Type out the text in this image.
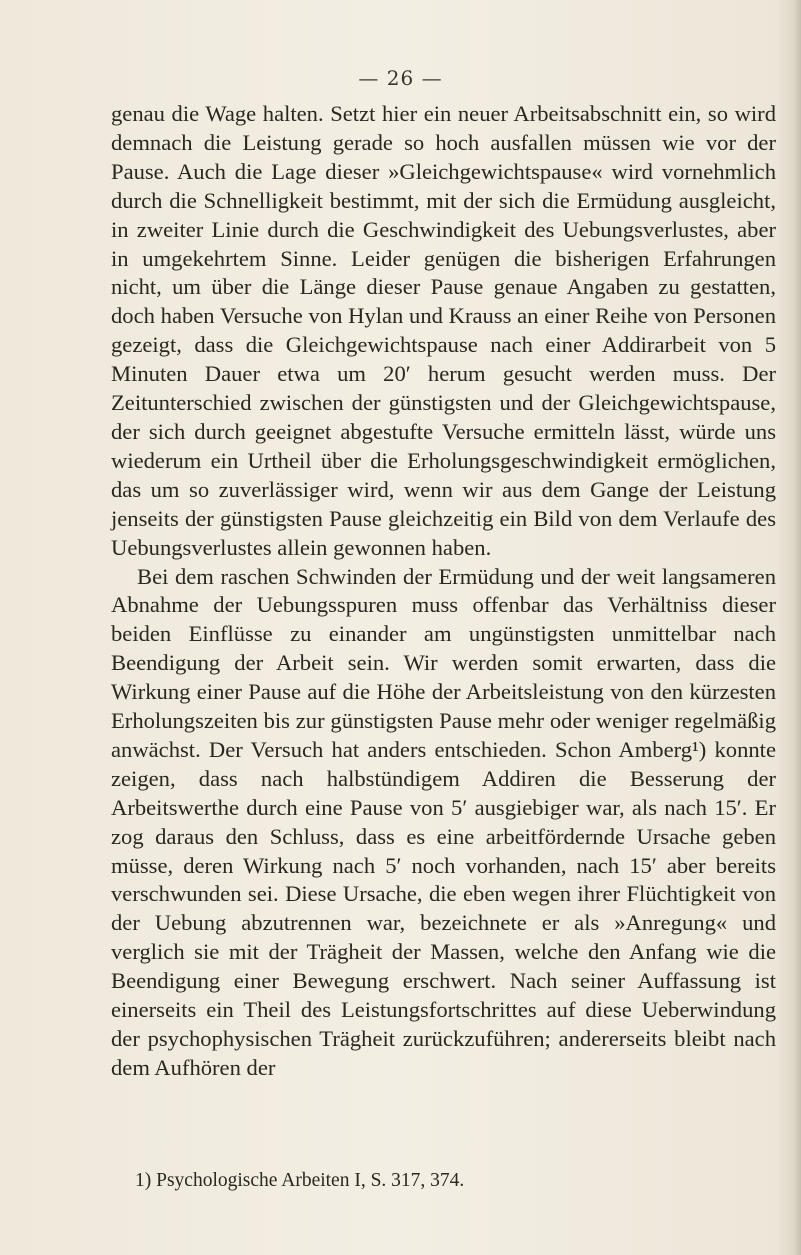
— 26 —

genau die Wage halten. Setzt hier ein neuer Arbeitsabschnitt ein, so wird demnach die Leistung gerade so hoch ausfallen müssen wie vor der Pause. Auch die Lage dieser »Gleichgewichtspause« wird vornehmlich durch die Schnelligkeit bestimmt, mit der sich die Ermüdung ausgleicht, in zweiter Linie durch die Geschwindigkeit des Uebungsverlustes, aber in umgekehrtem Sinne. Leider genügen die bisherigen Erfahrungen nicht, um über die Länge dieser Pause genaue Angaben zu gestatten, doch haben Versuche von Hylan und Krauss an einer Reihe von Personen gezeigt, dass die Gleichgewichtspause nach einer Addirarbeit von 5 Minuten Dauer etwa um 20′ herum gesucht werden muss. Der Zeitunterschied zwischen der günstigsten und der Gleichgewichtspause, der sich durch geeignet abgestufte Versuche ermitteln lässt, würde uns wiederum ein Urtheil über die Erholungsgeschwindigkeit ermöglichen, das um so zuverlässiger wird, wenn wir aus dem Gange der Leistung jenseits der günstigsten Pause gleichzeitig ein Bild von dem Verlaufe des Uebungsverlustes allein gewonnen haben.

Bei dem raschen Schwinden der Ermüdung und der weit langsameren Abnahme der Uebungsspuren muss offenbar das Verhältniss dieser beiden Einflüsse zu einander am ungünstigsten unmittelbar nach Beendigung der Arbeit sein. Wir werden somit erwarten, dass die Wirkung einer Pause auf die Höhe der Arbeitsleistung von den kürzesten Erholungszeiten bis zur günstigsten Pause mehr oder weniger regelmäßig anwächst. Der Versuch hat anders entschieden. Schon Amberg¹) konnte zeigen, dass nach halbstündigem Addiren die Besserung der Arbeitswerthe durch eine Pause von 5′ ausgiebiger war, als nach 15′. Er zog daraus den Schluss, dass es eine arbeitfördernde Ursache geben müsse, deren Wirkung nach 5′ noch vorhanden, nach 15′ aber bereits verschwunden sei. Diese Ursache, die eben wegen ihrer Flüchtigkeit von der Uebung abzutrennen war, bezeichnete er als »Anregung« und verglich sie mit der Trägheit der Massen, welche den Anfang wie die Beendigung einer Bewegung erschwert. Nach seiner Auffassung ist einerseits ein Theil des Leistungsfortschrittes auf diese Ueberwindung der psychophysischen Trägheit zurückzuführen; andererseits bleibt nach dem Aufhören der

1) Psychologische Arbeiten I, S. 317, 374.
